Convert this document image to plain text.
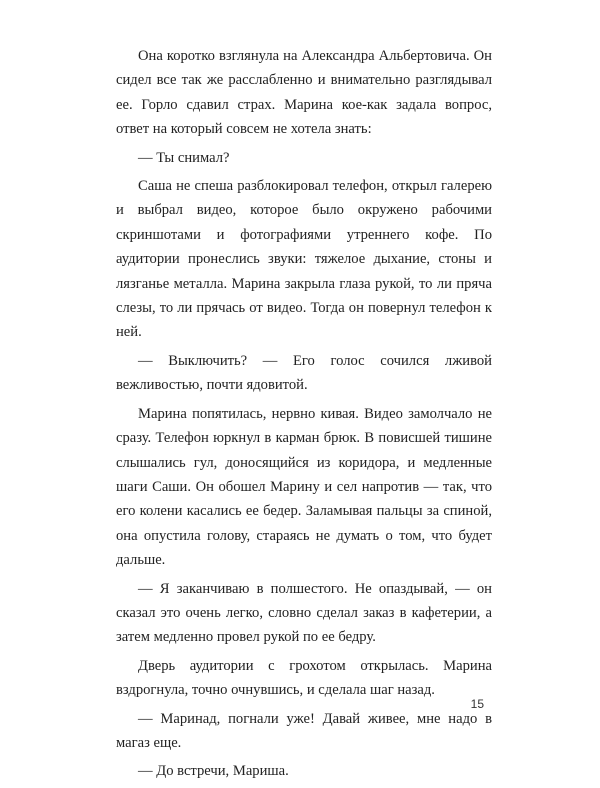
Она коротко взглянула на Александра Альбертовича. Он сидел все так же расслабленно и внимательно разглядывал ее. Горло сдавил страх. Марина кое-как задала вопрос, ответ на который совсем не хотела знать:

— Ты снимал?

Саша не спеша разблокировал телефон, открыл галерею и выбрал видео, которое было окружено рабочими скриншотами и фотографиями утреннего кофе. По аудитории пронеслись звуки: тяжелое дыхание, стоны и лязганье металла. Марина закрыла глаза рукой, то ли пряча слезы, то ли прячась от видео. Тогда он повернул телефон к ней.

— Выключить? — Его голос сочился лживой вежливостью, почти ядовитой.

Марина попятилась, нервно кивая. Видео замолчало не сразу. Телефон юркнул в карман брюк. В повисшей тишине слышались гул, доносящийся из коридора, и медленные шаги Саши. Он обошел Марину и сел напротив — так, что его колени касались ее бедер. Заламывая пальцы за спиной, она опустила голову, стараясь не думать о том, что будет дальше.

— Я заканчиваю в полшестого. Не опаздывай, — он сказал это очень легко, словно сделал заказ в кафетерии, а затем медленно провел рукой по ее бедру.

Дверь аудитории с грохотом открылась. Марина вздрогнула, точно очнувшись, и сделала шаг назад.

— Маринад, погнали уже! Давай живее, мне надо в магаз еще.

— До встречи, Мариша.

15
